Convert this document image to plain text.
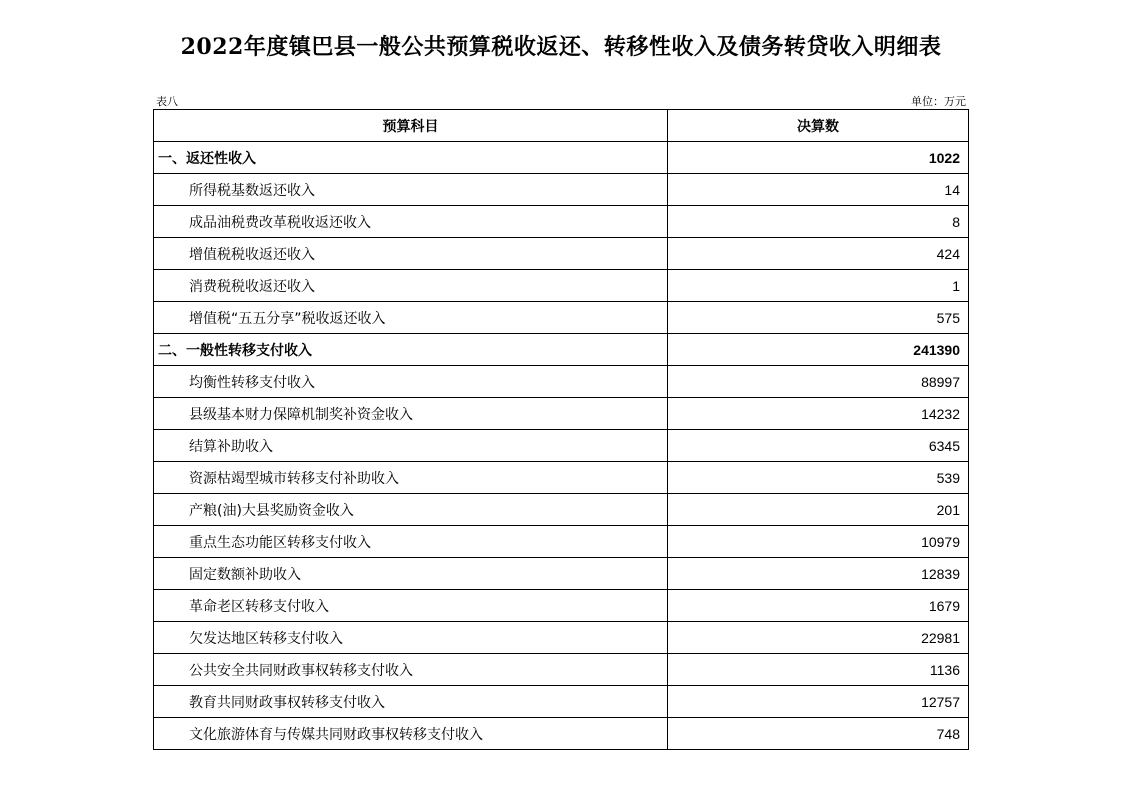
2022年度镇巴县一般公共预算税收返还、转移性收入及债务转贷收入明细表
表八	单位：万元
预算科目	决算数
一、返还性收入	1022
所得税基数返还收入	14
成品油税费改革税收返还收入	8
增值税税收返还收入	424
消费税税收返还收入	1
增值税“五五分享”税收返还收入	575
二、一般性转移支付收入	241390
均衡性转移支付收入	88997
县级基本财力保障机制奖补资金收入	14232
结算补助收入	6345
资源枯竭型城市转移支付补助收入	539
产粮(油)大县奖励资金收入	201
重点生态功能区转移支付收入	10979
固定数额补助收入	12839
革命老区转移支付收入	1679
欠发达地区转移支付收入	22981
公共安全共同财政事权转移支付收入	1136
教育共同财政事权转移支付收入	12757
文化旅游体育与传媒共同财政事权转移支付收入	748
